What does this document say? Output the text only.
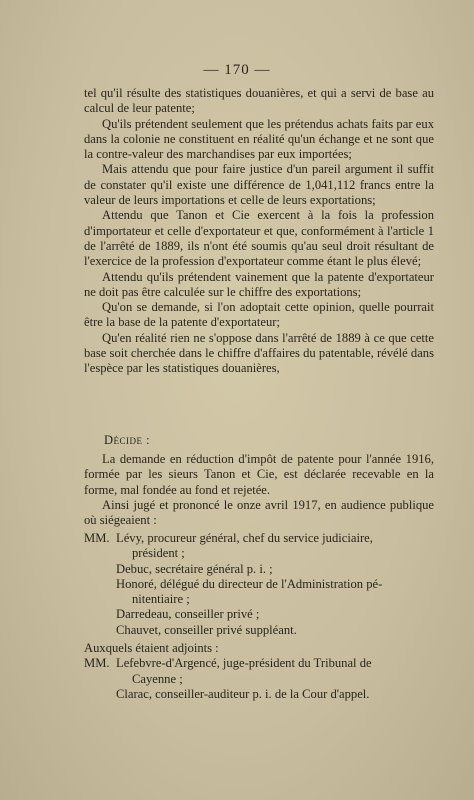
— 170 —

tel qu'il résulte des statistiques douanières, et qui a servi de base au calcul de leur patente;

Qu'ils prétendent seulement que les prétendus achats faits par eux dans la colonie ne constituent en réalité qu'un échange et ne sont que la contre-valeur des marchandises par eux importées;

Mais attendu que pour faire justice d'un pareil argument il suffit de constater qu'il existe une différence de 1,041,112 francs entre la valeur de leurs importations et celle de leurs exportations;

Attendu que Tanon et Cie exercent à la fois la profession d'importateur et celle d'exportateur et que, conformément à l'article 1 de l'arrêté de 1889, ils n'ont été soumis qu'au seul droit résultant de l'exercice de la profession d'exportateur comme étant le plus élevé;

Attendu qu'ils prétendent vainement que la patente d'exportateur ne doit pas être calculée sur le chiffre des exportations;

Qu'on se demande, si l'on adoptait cette opinion, quelle pourrait être la base de la patente d'exportateur;

Qu'en réalité rien ne s'oppose dans l'arrêté de 1889 à ce que cette base soit cherchée dans le chiffre d'affaires du patentable, révélé dans l'espèce par les statistiques douanières,

Décide :

La demande en réduction d'impôt de patente pour l'année 1916, formée par les sieurs Tanon et Cie, est déclarée recevable en la forme, mal fondée au fond et rejetée.

Ainsi jugé et prononcé le onze avril 1917, en audience publique où siégeaient :

MM. Lévy, procureur général, chef du service judiciaire,
président ;
Debuc, secrétaire général p. i. ;
Honoré, délégué du directeur de l'Administration pé-
nitentiaire ;
Darredeau, conseiller privé ;
Chauvet, conseiller privé suppléant.
Auxquels étaient adjoints :
MM. Lefebvre-d'Argencé, juge-président du Tribunal de
Cayenne ;
Clarac, conseiller-auditeur p. i. de la Cour d'appel.
